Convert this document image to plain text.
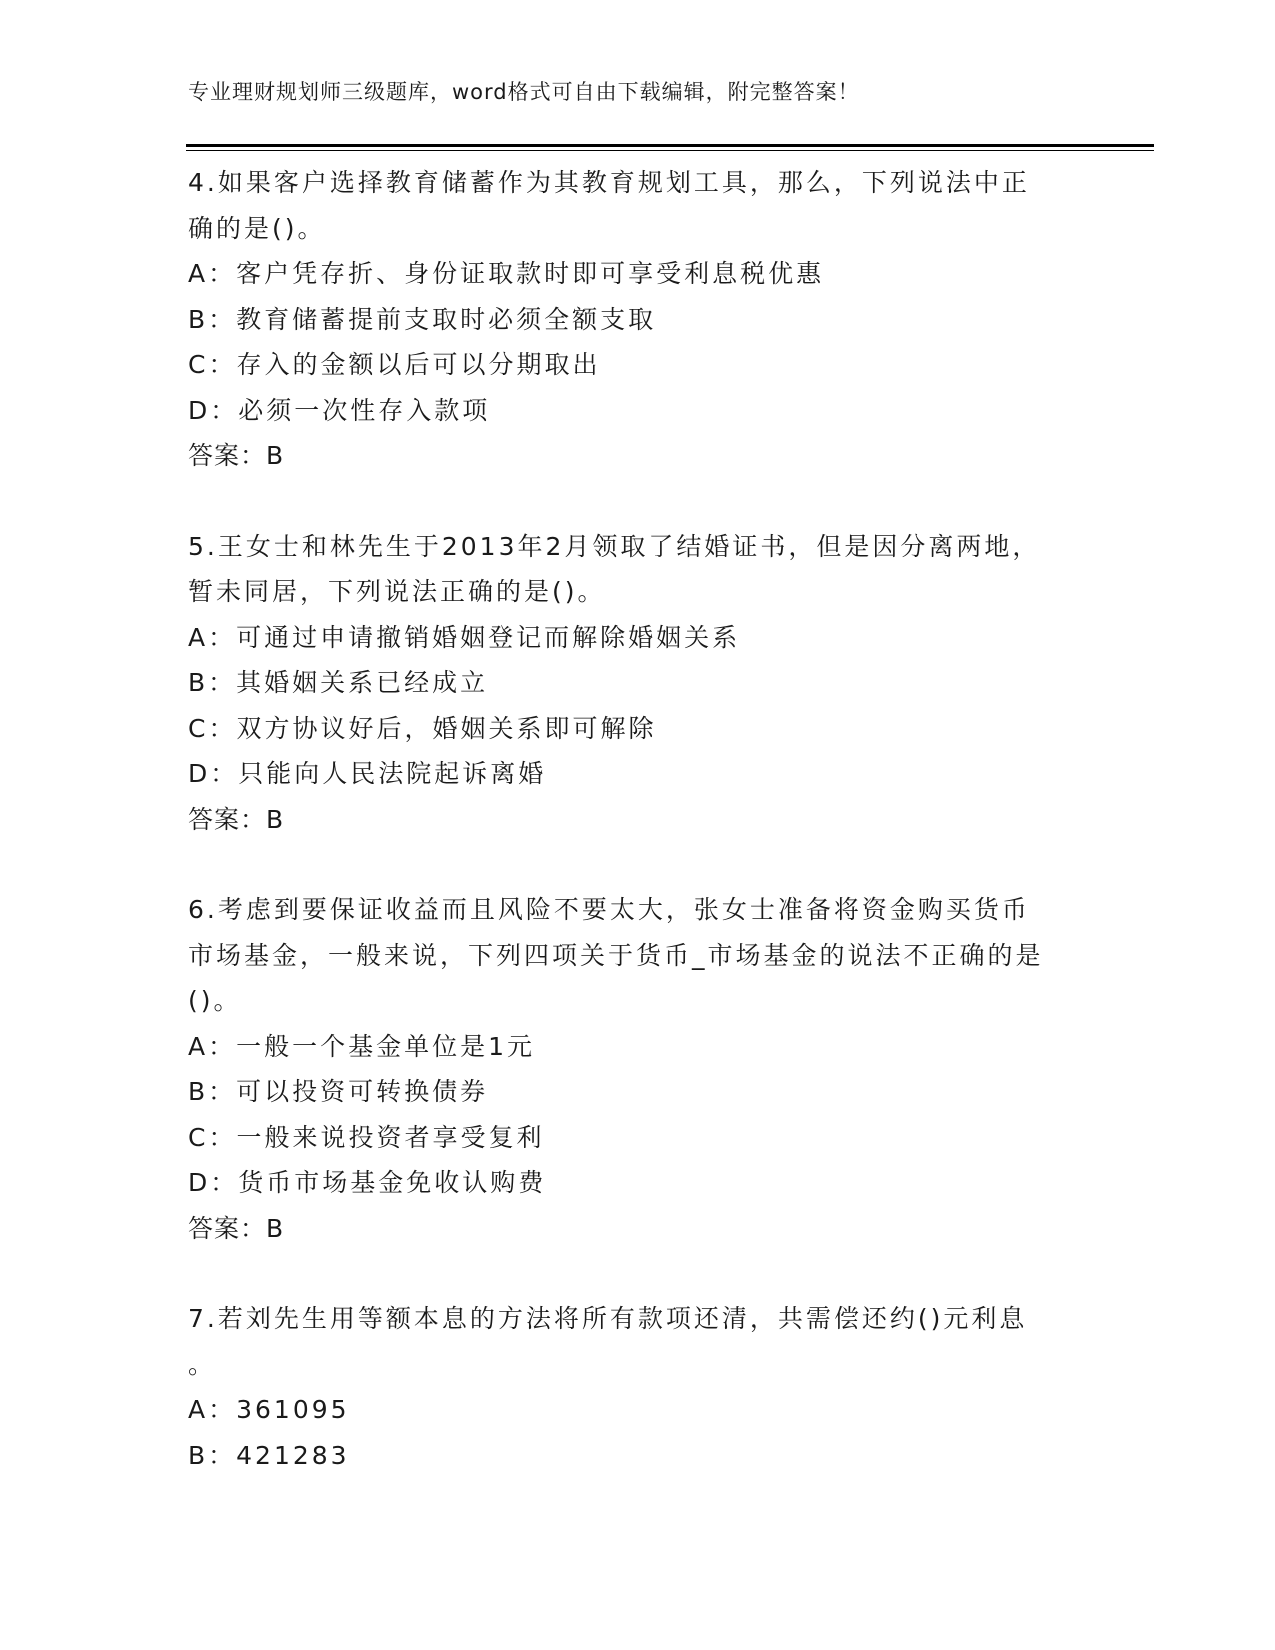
专业理财规划师三级题库，word格式可自由下载编辑，附完整答案！
4.如果客户选择教育储蓄作为其教育规划工具，那么，下列说法中正
确的是()。
A：客户凭存折、身份证取款时即可享受利息税优惠
B：教育储蓄提前支取时必须全额支取
C：存入的金额以后可以分期取出
D：必须一次性存入款项
答案：B
5.王女士和林先生于2013年2月领取了结婚证书，但是因分离两地，
暂未同居，下列说法正确的是()。
A：可通过申请撤销婚姻登记而解除婚姻关系
B：其婚姻关系已经成立
C：双方协议好后，婚姻关系即可解除
D：只能向人民法院起诉离婚
答案：B
6.考虑到要保证收益而且风险不要太大，张女士准备将资金购买货币
市场基金，一般来说，下列四项关于货币_市场基金的说法不正确的是
()。
A：一般一个基金单位是1元
B：可以投资可转换债券
C：一般来说投资者享受复利
D：货币市场基金免收认购费
答案：B
7.若刘先生用等额本息的方法将所有款项还清，共需偿还约()元利息
。
A：361095
B：421283
